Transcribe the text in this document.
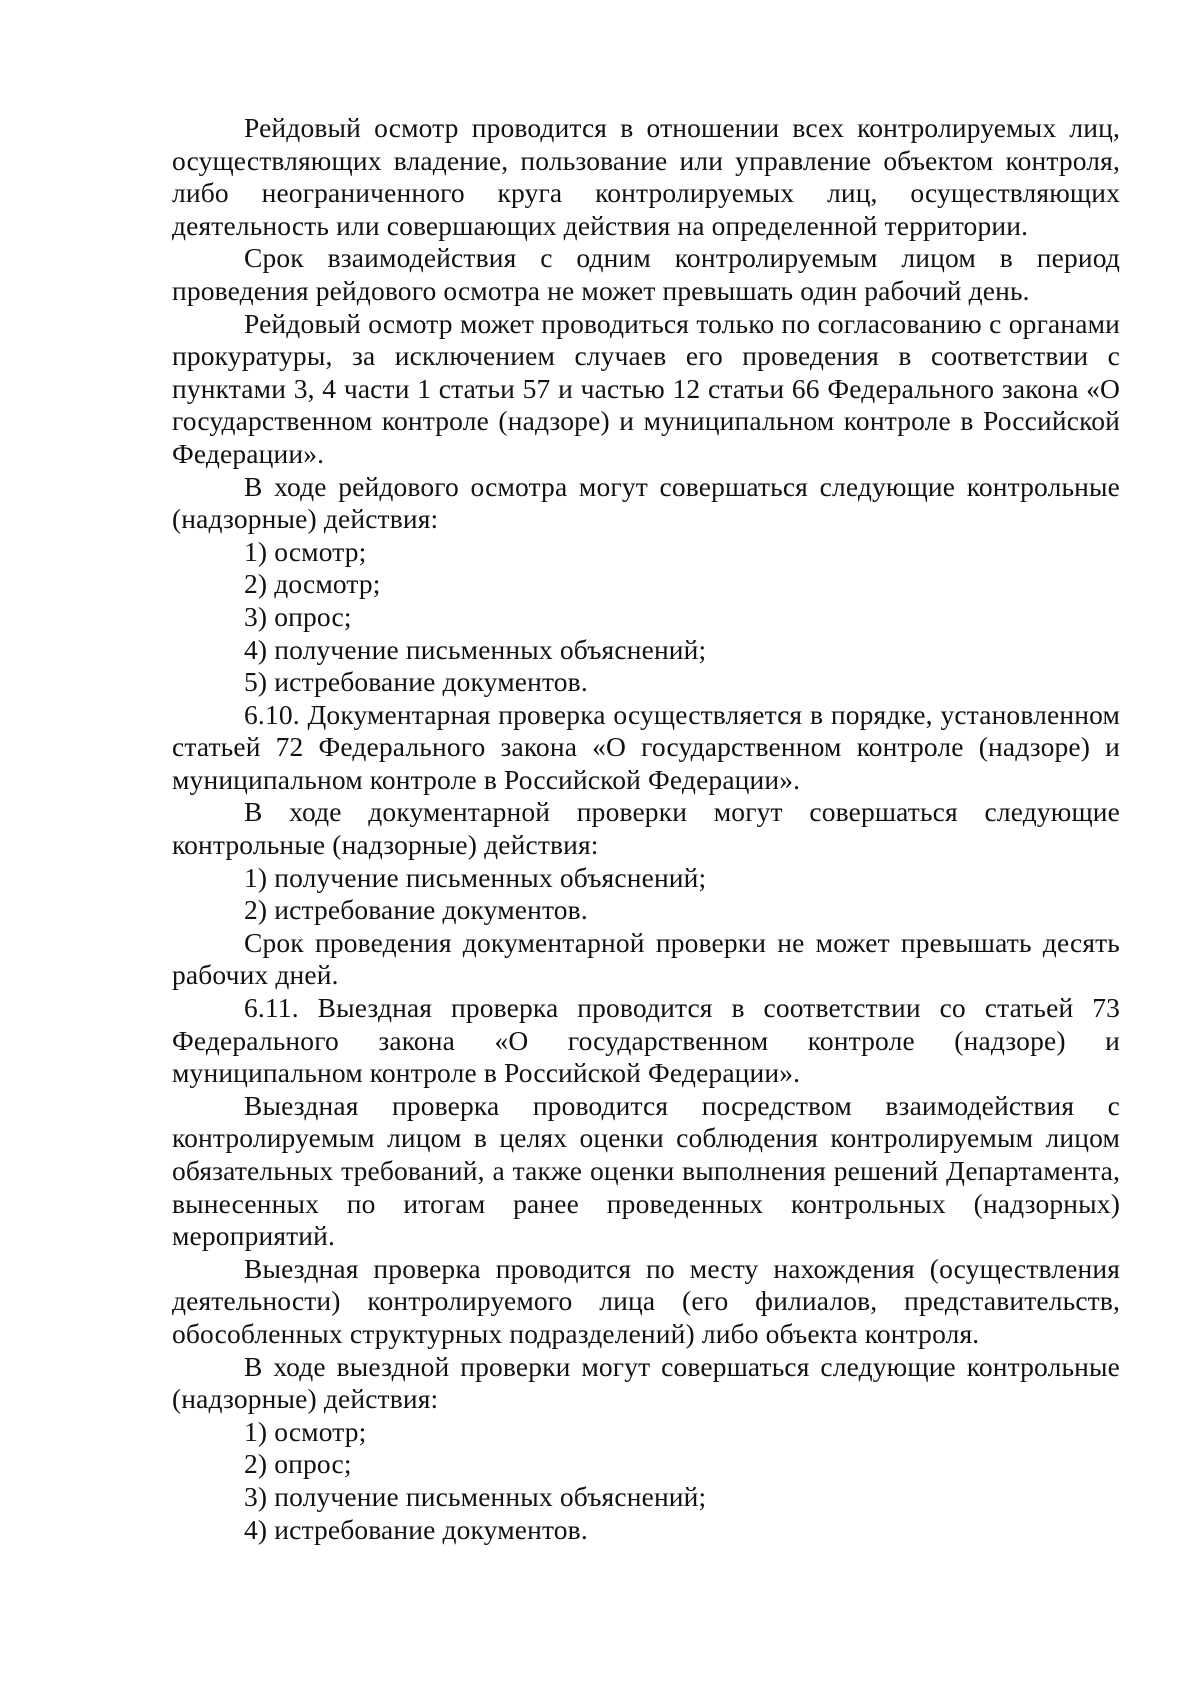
Рейдовый осмотр проводится в отношении всех контролируемых лиц, осуществляющих владение, пользование или управление объектом контроля, либо неограниченного круга контролируемых лиц, осуществляющих деятельность или совершающих действия на определенной территории.

Срок взаимодействия с одним контролируемым лицом в период проведения рейдового осмотра не может превышать один рабочий день.

Рейдовый осмотр может проводиться только по согласованию с органами прокуратуры, за исключением случаев его проведения в соответствии с пунктами 3, 4 части 1 статьи 57 и частью 12 статьи 66 Федерального закона «О государственном контроле (надзоре) и муниципальном контроле в Российской Федерации».

В ходе рейдового осмотра могут совершаться следующие контрольные (надзорные) действия:

1) осмотр;

2) досмотр;

3) опрос;

4) получение письменных объяснений;

5) истребование документов.

6.10. Документарная проверка осуществляется в порядке, установленном статьей 72 Федерального закона «О государственном контроле (надзоре) и муниципальном контроле в Российской Федерации».

В ходе документарной проверки могут совершаться следующие контрольные (надзорные) действия:

1) получение письменных объяснений;

2) истребование документов.

Срок проведения документарной проверки не может превышать десять рабочих дней.

6.11. Выездная проверка проводится в соответствии со статьей 73 Федерального закона «О государственном контроле (надзоре) и муниципальном контроле в Российской Федерации».

Выездная проверка проводится посредством взаимодействия с контролируемым лицом в целях оценки соблюдения контролируемым лицом обязательных требований, а также оценки выполнения решений Департамента, вынесенных по итогам ранее проведенных контрольных (надзорных) мероприятий.

Выездная проверка проводится по месту нахождения (осуществления деятельности) контролируемого лица (его филиалов, представительств, обособленных структурных подразделений) либо объекта контроля.

В ходе выездной проверки могут совершаться следующие контрольные (надзорные) действия:

1) осмотр;

2) опрос;

3) получение письменных объяснений;

4) истребование документов.
